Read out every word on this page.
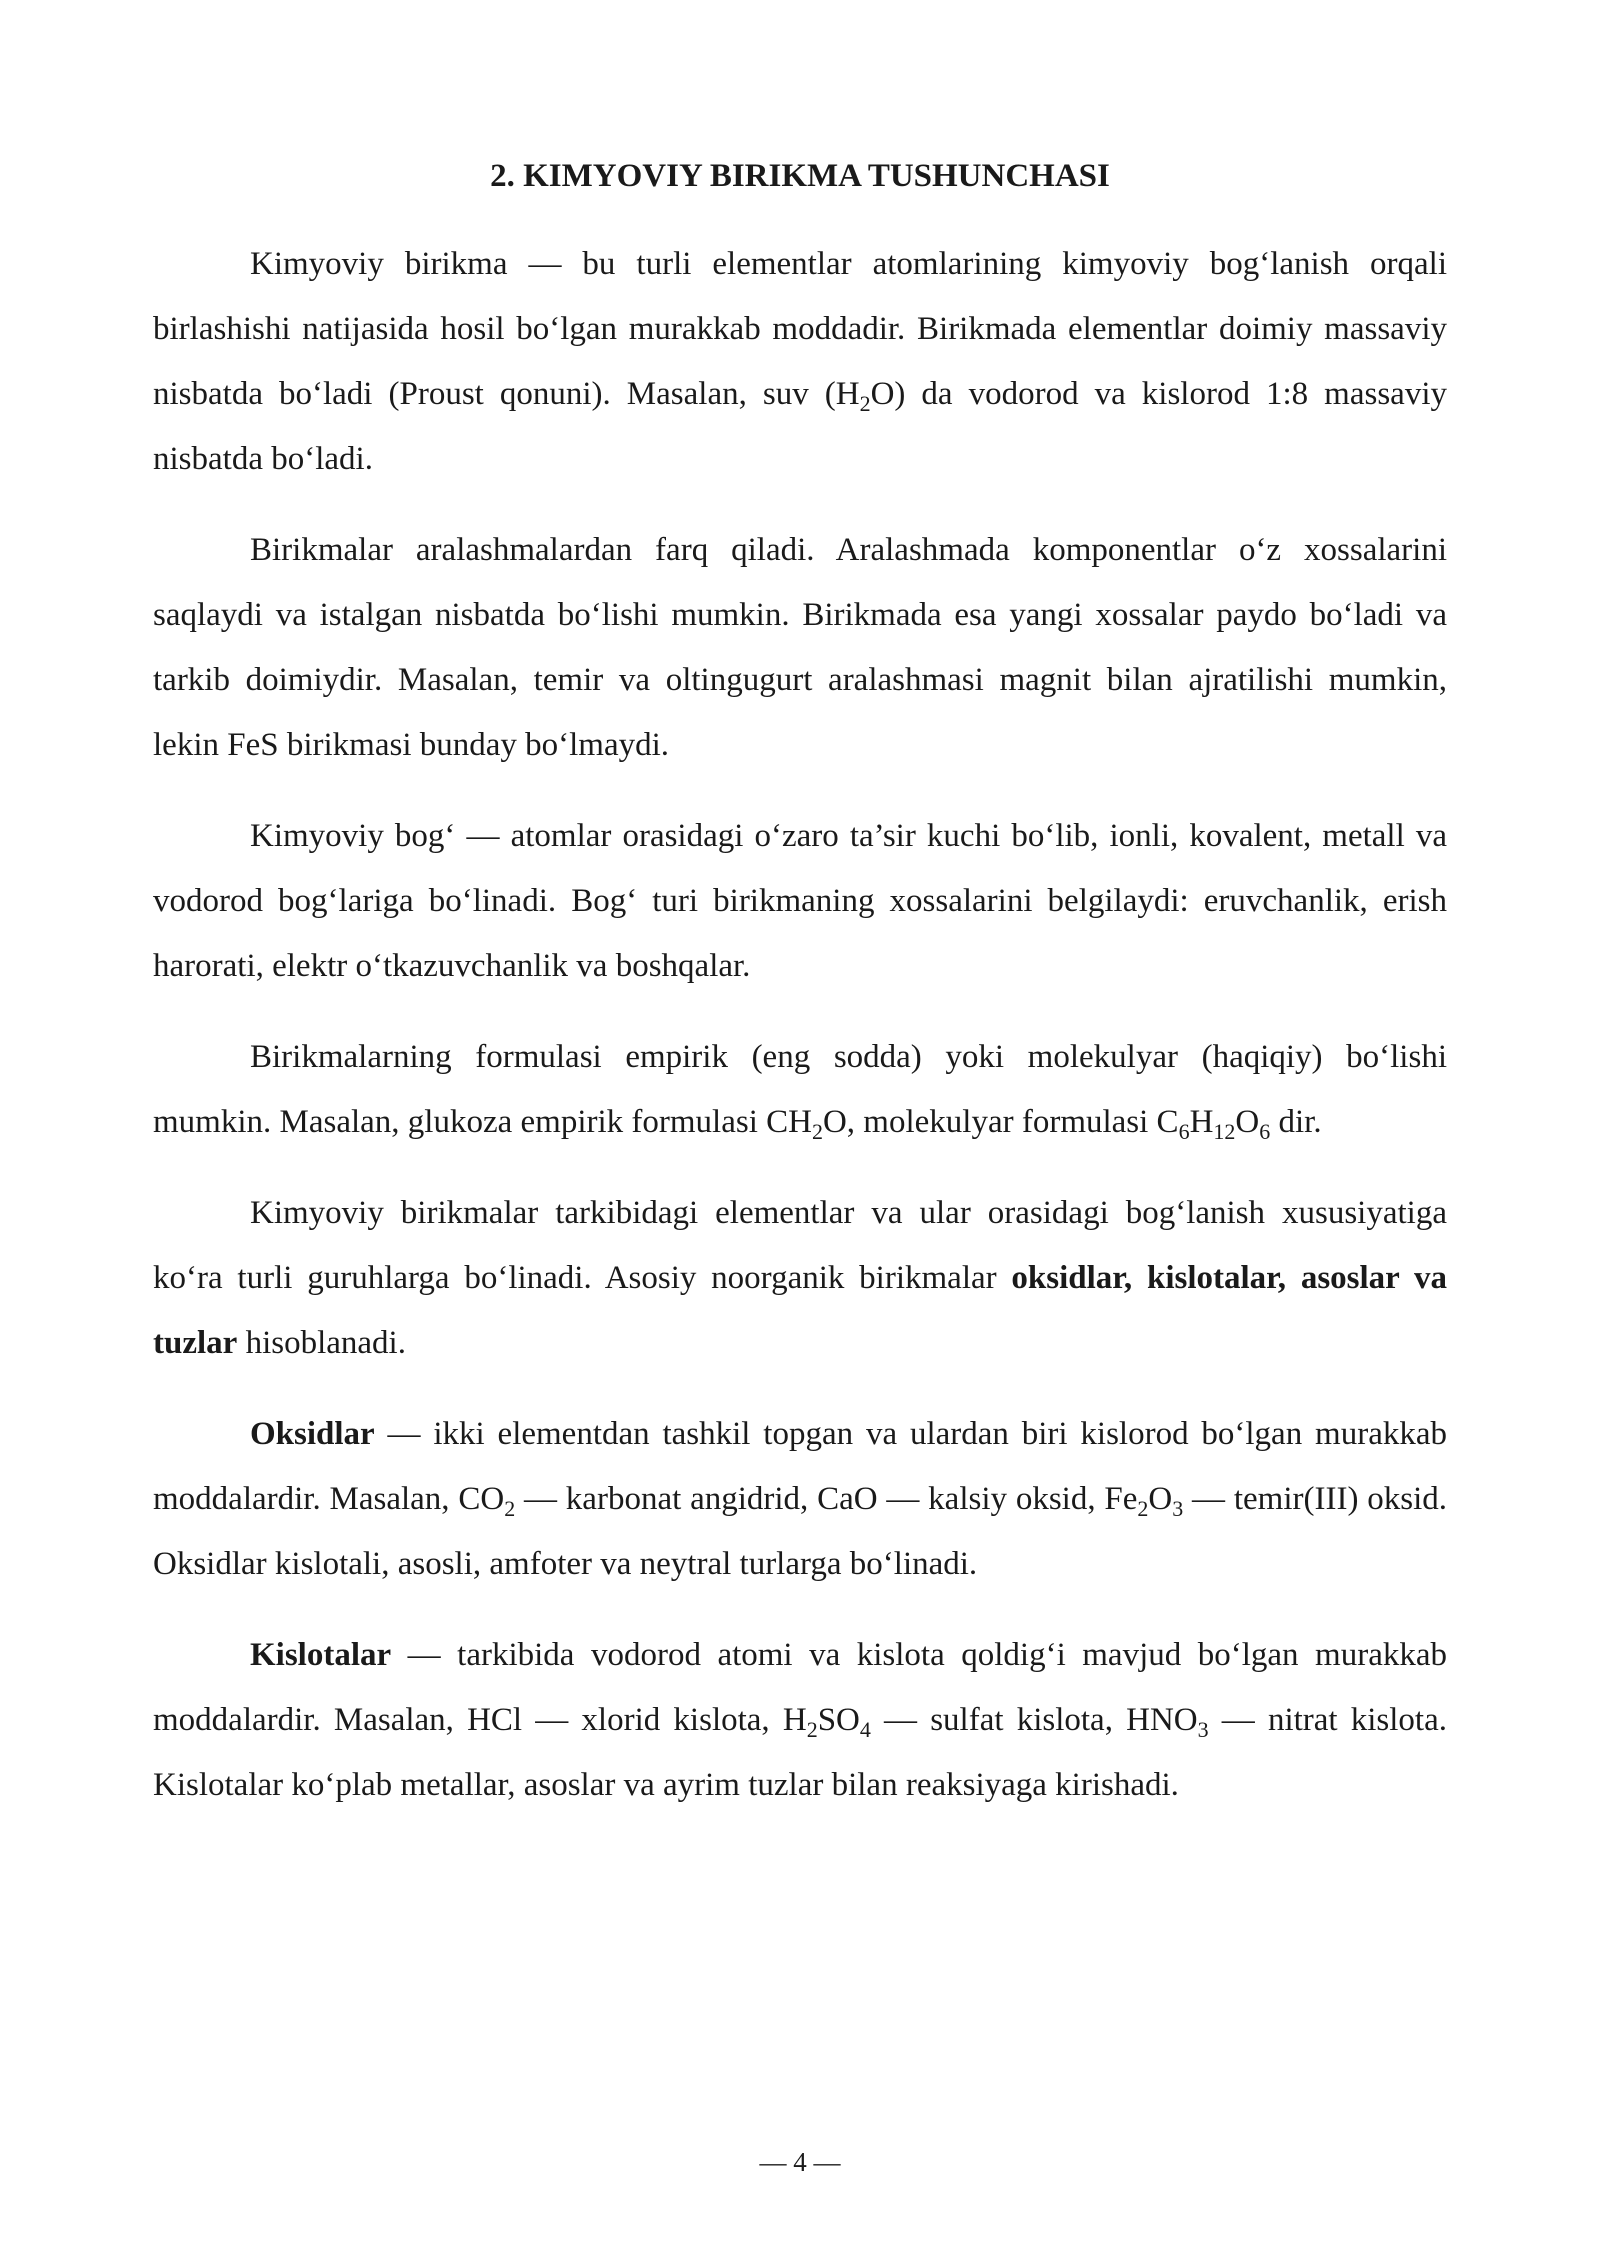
2. KIMYOVIY BIRIKMA TUSHUNCHASI

Kimyoviy birikma — bu turli elementlar atomlarining kimyoviy bog‘lanish orqali birlashishi natijasida hosil bo‘lgan murakkab moddadir. Birikmada elementlar doimiy massaviy nisbatda bo‘ladi (Proust qonuni). Masalan, suv $(H_2O)$ da vodorod va kislorod 1:8 massaviy nisbatda bo‘ladi.

Birikmalar aralashmalardan farq qiladi. Aralashmada komponentlar o‘z xossalarini saqlaydi va istalgan nisbatda bo‘lishi mumkin. Birikmada esa yangi xossalar paydo bo‘ladi va tarkib doimiydir. Masalan, temir va oltingugurt aralashmasi magnit bilan ajratilishi mumkin, lekin FeS birikmasi bunday bo‘lmaydi.

Kimyoviy bog‘ — atomlar orasidagi o‘zaro ta’sir kuchi bo‘lib, ionli, kovalent, metall va vodorod bog‘lariga bo‘linadi. Bog‘ turi birikmaning xossalarini belgilaydi: eruvchanlik, erish harorati, elektr o‘tkazuvchanlik va boshqalar.

Birikmalarning formulasi empirik (eng sodda) yoki molekulyar (haqiqiy) bo‘lishi mumkin. Masalan, glukoza empirik formulasi $CH_2O$, molekulyar formulasi $C_6H_{12}O_6$ dir.

Kimyoviy birikmalar tarkibidagi elementlar va ular orasidagi bog‘lanish xususiyatiga ko‘ra turli guruhlarga bo‘linadi. Asosiy noorganik birikmalar oksidlar, kislotalar, asoslar va tuzlar hisoblanadi.

Oksidlar — ikki elementdan tashkil topgan va ulardan biri kislorod bo‘lgan murakkab moddalardir. Masalan, $CO_2$ — karbonat angidrid, CaO — kalsiy oksid, $Fe_2O_3$ — temir(III) oksid. Oksidlar kislotali, asosli, amfoter va neytral turlarga bo‘linadi.

Kislotalar — tarkibida vodorod atomi va kislota qoldig‘i mavjud bo‘lgan murakkab moddalardir. Masalan, HCl — xlorid kislota, $H_2SO_4$ — sulfat kislota, $HNO_3$ — nitrat kislota. Kislotalar ko‘plab metallar, asoslar va ayrim tuzlar bilan reaksiyaga kirishadi.

— 4 —
